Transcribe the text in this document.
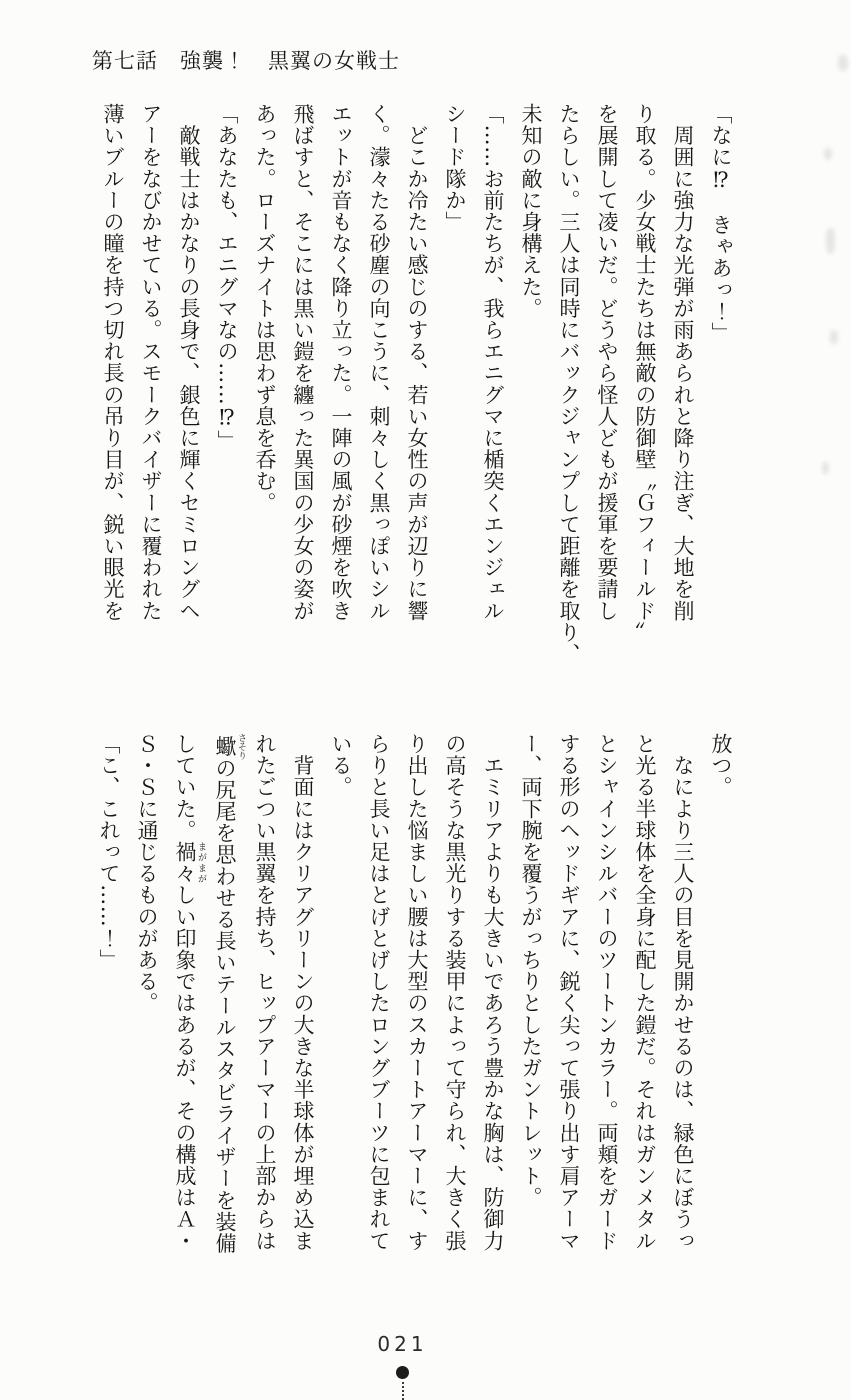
第七話　強襲！　黒翼の女戦士

「なに⁉　きゃあっ！」

　周囲に強力な光弾が雨あられと降り注ぎ、大地を削

り取る。少女戦士たちは無敵の防御壁〝Ｇフィールド〟

を展開して凌いだ。どうやら怪人どもが援軍を要請し

たらしい。三人は同時にバックジャンプして距離を取り、

未知の敵に身構えた。

「……お前たちが、我らエニグマに楯突くエンジェル

シード隊か」

　どこか冷たい感じのする、若い女性の声が辺りに響

く。濛々たる砂塵の向こうに、刺々しく黒っぽいシル

エットが音もなく降り立った。一陣の風が砂煙を吹き

飛ばすと、そこには黒い鎧を纏った異国の少女の姿が

あった。ローズナイトは思わず息を呑む。

「あなたも、エニグマなの……⁉」

　敵戦士はかなりの長身で、銀色に輝くセミロングヘ

アーをなびかせている。スモークバイザーに覆われた

薄いブルーの瞳を持つ切れ長の吊り目が、鋭い眼光を

放つ。

　なにより三人の目を見開かせるのは、緑色にぼうっ

と光る半球体を全身に配した鎧だ。それはガンメタル

とシャインシルバーのツートンカラー。両頬をガード

する形のヘッドギアに、鋭く尖って張り出す肩アーマ

ー、両下腕を覆うがっちりとしたガントレット。

　エミリアよりも大きいであろう豊かな胸は、防御力

の高そうな黒光りする装甲によって守られ、大きく張

り出した悩ましい腰は大型のスカートアーマーに、す

らりと長い足はとげとげしたロングブーツに包まれて

いる。

　背面にはクリアグリーンの大きな半球体が埋め込ま

れたごつい黒翼を持ち、ヒップアーマーの上部からは

蠍 さそりの尻尾を思わせる長いテールスタビライザーを装備

していた。禍々 まがまがしい印象ではあるが、その構成はＡ・

Ｓ・Ｓに通じるものがある。

「こ、これって……！」

021
